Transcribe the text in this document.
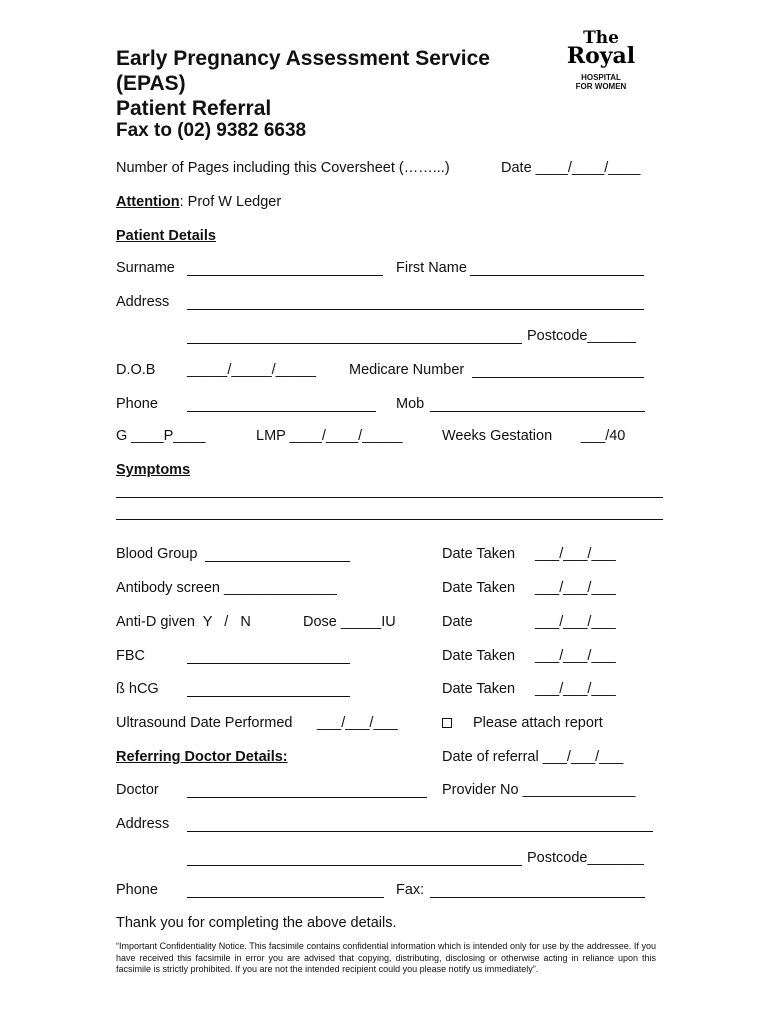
Early Pregnancy Assessment Service
(EPAS)
Patient Referral
Fax to (02) 9382 6638
The
Royal
HOSPITAL
FOR WOMEN
Number of Pages including this Coversheet (……...)	Date ____/____/____
Attention: Prof W Ledger
Patient Details
Surname	First Name
Address
Postcode______
D.O.B _____/_____/_____ Medicare Number
Phone	Mob
G ____P____	LMP ____/____/_____	Weeks Gestation ___/40
Symptoms
Blood Group	Date Taken ___/___/___
Antibody screen ______________	Date Taken ___/___/___
Anti-D given  Y   /   N	Dose _____IU	Date	___/___/___
FBC	Date Taken ___/___/___
ß hCG	Date Taken ___/___/___
Ultrasound Date Performed ___/___/___	Please attach report
Referring Doctor Details:	Date of referral ___/___/___
Doctor	Provider No ______________
Address
Postcode_______
Phone	Fax:
Thank you for completing the above details.
“Important Confidentiality Notice. This facsimile contains confidential information which is intended only for use by the addressee. If you have received this facsimile in error you are advised that copying, distributing, disclosing or otherwise acting in reliance upon this facsimile is strictly prohibited. If you are not the intended recipient could you please notify us immediately”.
